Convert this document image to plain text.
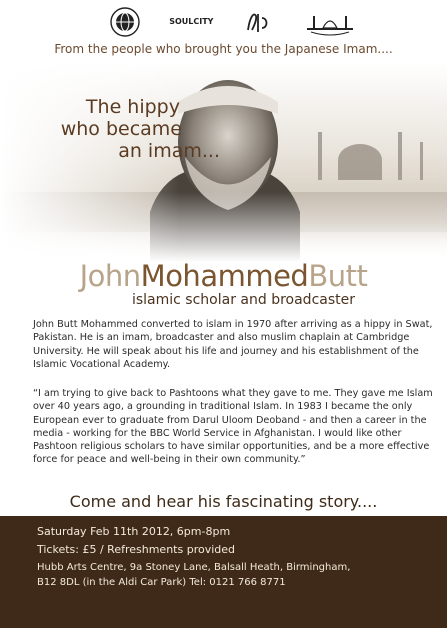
SOULCITY
From the people who brought you the Japanese Imam....
The hippy
who became
an imam...
JohnMohammedButt
islamic scholar and broadcaster

John Butt Mohammed converted to islam in 1970 after arriving as a hippy in Swat, Pakistan. He is an imam, broadcaster and also muslim chaplain at Cambridge University. He will speak about his life and journey and his establishment of the Islamic Vocational Academy.

“I am trying to give back to Pashtoons what they gave to me. They gave me Islam over 40 years ago, a grounding in traditional Islam. In 1983 I became the only European ever to graduate from Darul Uloom Deoband - and then a career in the media - working for the BBC World Service in Afghanistan. I would like other Pashtoon religious scholars to have similar opportunities, and be a more effective force for peace and well-being in their own community.”

Come and hear his fascinating story....
Saturday Feb 11th 2012, 6pm-8pm
Tickets: £5 / Refreshments provided
Hubb Arts Centre, 9a Stoney Lane, Balsall Heath, Birmingham,
B12 8DL (in the Aldi Car Park) Tel: 0121 766 8771
